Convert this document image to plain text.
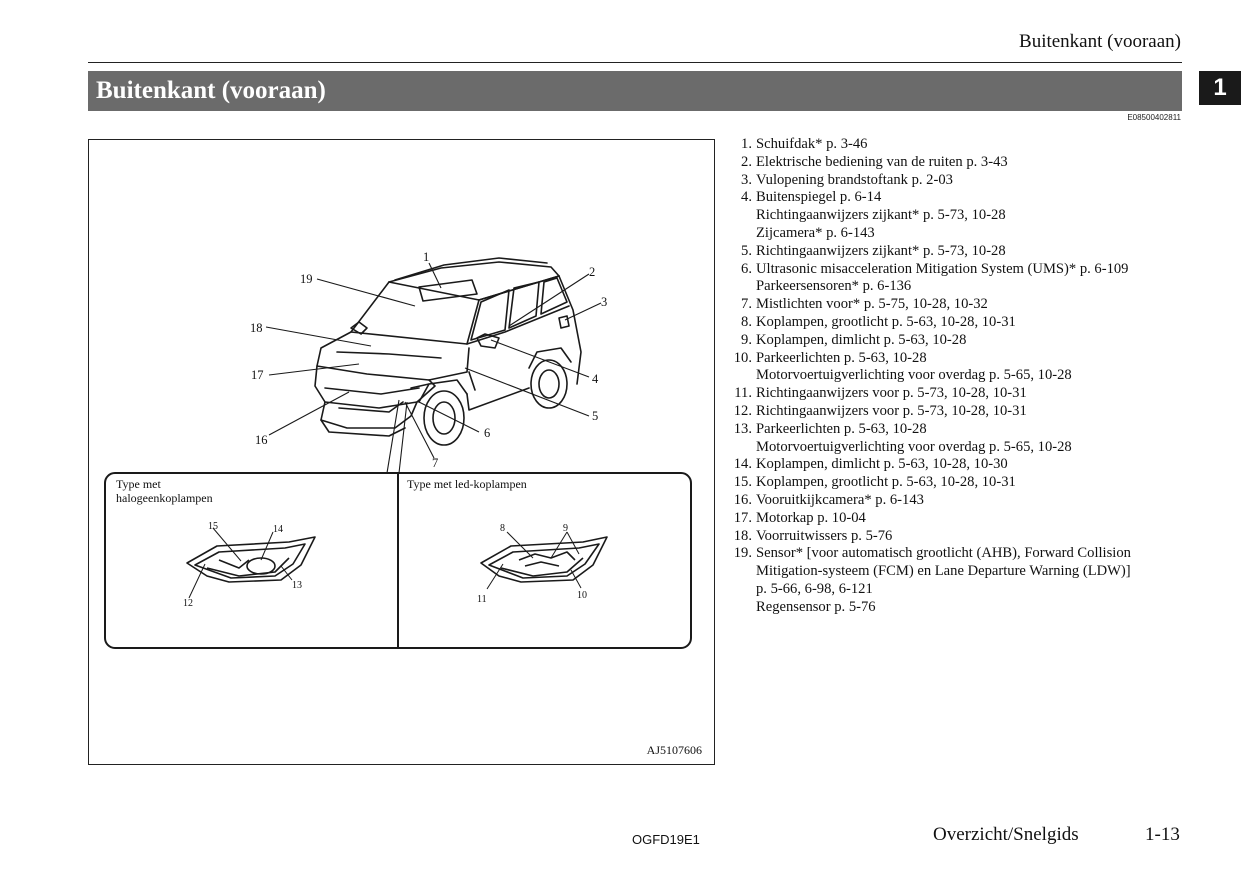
Buitenkant (vooraan)
Buitenkant (vooraan)	1
E08500402811
1
2
3
4
5
6
7
16
17
18
19
Type met
halogeenkoplampen
Type met led-koplampen
15	14
13
12
8	9
11	10
AJ5107606
1. Schuifdak* p. 3-46
2. Elektrische bediening van de ruiten p. 3-43
3. Vulopening brandstoftank p. 2-03
4. Buitenspiegel p. 6-14
Richtingaanwijzers zijkant* p. 5-73, 10-28
Zijcamera* p. 6-143
5. Richtingaanwijzers zijkant* p. 5-73, 10-28
6. Ultrasonic misacceleration Mitigation System (UMS)* p. 6-109
Parkeersensoren* p. 6-136
7. Mistlichten voor* p. 5-75, 10-28, 10-32
8. Koplampen, grootlicht p. 5-63, 10-28, 10-31
9. Koplampen, dimlicht p. 5-63, 10-28
10. Parkeerlichten p. 5-63, 10-28
Motorvoertuigverlichting voor overdag p. 5-65, 10-28
11. Richtingaanwijzers voor p. 5-73, 10-28, 10-31
12. Richtingaanwijzers voor p. 5-73, 10-28, 10-31
13. Parkeerlichten p. 5-63, 10-28
Motorvoertuigverlichting voor overdag p. 5-65, 10-28
14. Koplampen, dimlicht p. 5-63, 10-28, 10-30
15. Koplampen, grootlicht p. 5-63, 10-28, 10-31
16. Vooruitkijkcamera* p. 6-143
17. Motorkap p. 10-04
18. Voorruitwissers p. 5-76
19. Sensor* [voor automatisch grootlicht (AHB), Forward Collision
Mitigation-systeem (FCM) en Lane Departure Warning (LDW)]
p. 5-66, 6-98, 6-121
Regensensor p. 5-76
OGFD19E1	Overzicht/Snelgids	1-13
